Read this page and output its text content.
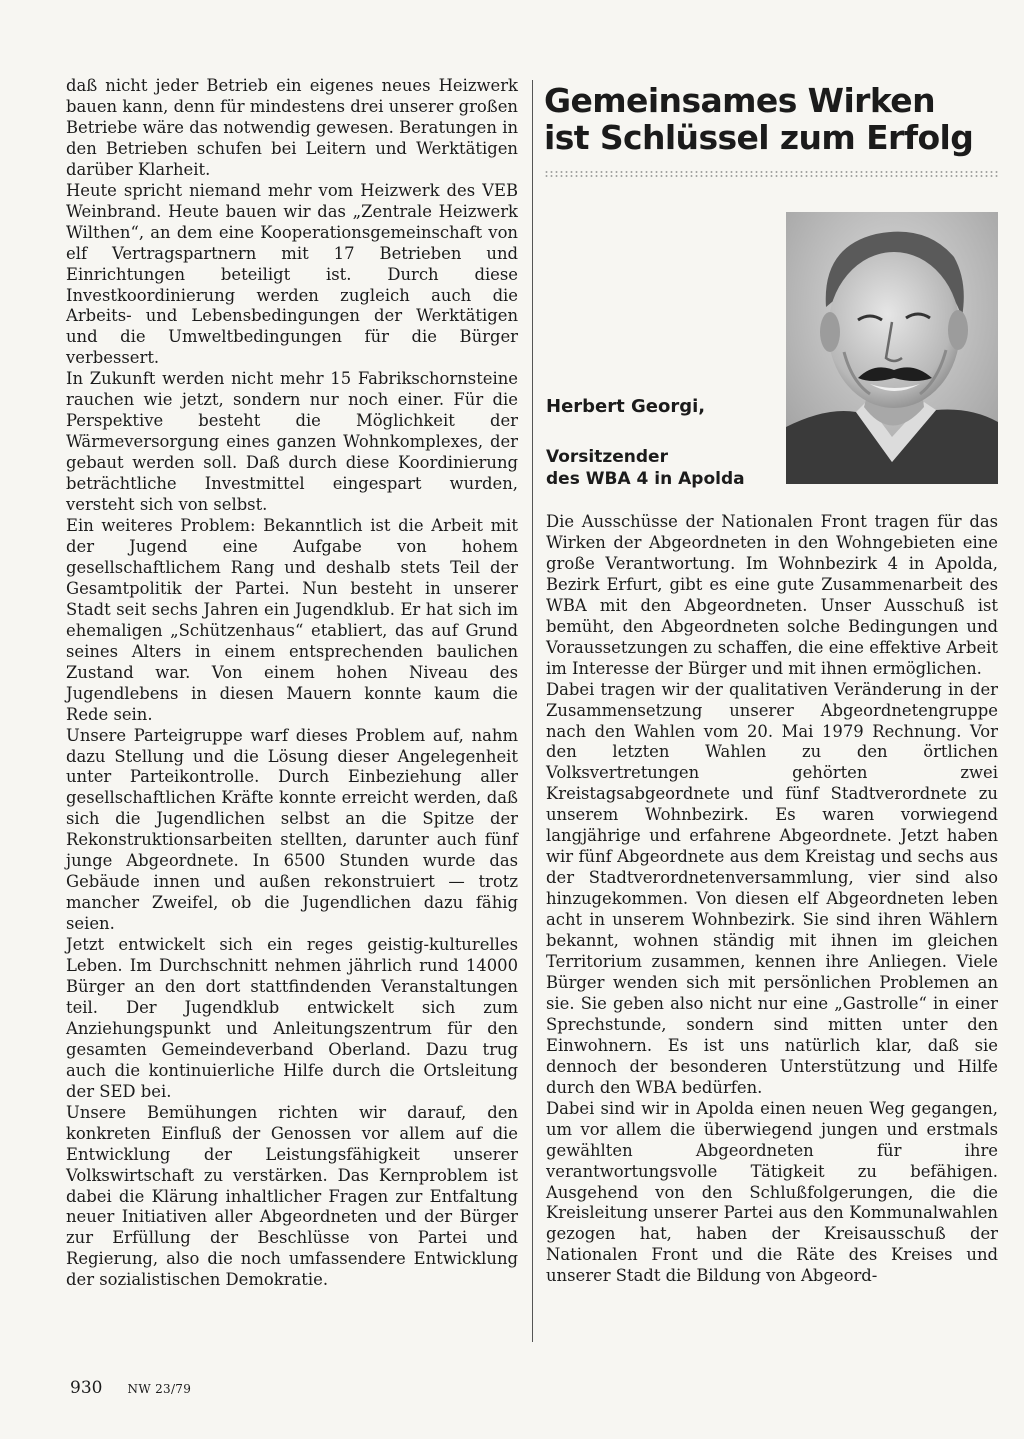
daß nicht jeder Betrieb ein eigenes neues Heizwerk bauen kann, denn für mindestens drei unserer großen Betriebe wäre das notwendig gewesen. Beratungen in den Betrieben schufen bei Leitern und Werktätigen darüber Klarheit.

Heute spricht niemand mehr vom Heizwerk des VEB Weinbrand. Heute bauen wir das „Zentrale Heizwerk Wilthen“, an dem eine Kooperationsgemeinschaft von elf Vertragspartnern mit 17 Betrieben und Einrichtungen beteiligt ist. Durch diese Investkoordinierung werden zugleich auch die Arbeits- und Lebensbedingungen der Werktätigen und die Umweltbedingungen für die Bürger verbessert.

In Zukunft werden nicht mehr 15 Fabrikschornsteine rauchen wie jetzt, sondern nur noch einer. Für die Perspektive besteht die Möglichkeit der Wärmeversorgung eines ganzen Wohnkomplexes, der gebaut werden soll. Daß durch diese Koordinierung beträchtliche Investmittel eingespart wurden, versteht sich von selbst.

Ein weiteres Problem: Bekanntlich ist die Arbeit mit der Jugend eine Aufgabe von hohem gesellschaftlichem Rang und deshalb stets Teil der Gesamtpolitik der Partei. Nun besteht in unserer Stadt seit sechs Jahren ein Jugendklub. Er hat sich im ehemaligen „Schützenhaus“ etabliert, das auf Grund seines Alters in einem entsprechenden baulichen Zustand war. Von einem hohen Niveau des Jugendlebens in diesen Mauern konnte kaum die Rede sein.

Unsere Parteigruppe warf dieses Problem auf, nahm dazu Stellung und die Lösung dieser Angelegenheit unter Parteikontrolle. Durch Einbeziehung aller gesellschaftlichen Kräfte konnte erreicht werden, daß sich die Jugendlichen selbst an die Spitze der Rekonstruktionsarbeiten stellten, darunter auch fünf junge Abgeordnete. In 6500 Stunden wurde das Gebäude innen und außen rekonstruiert — trotz mancher Zweifel, ob die Jugendlichen dazu fähig seien.

Jetzt entwickelt sich ein reges geistig-kulturelles Leben. Im Durchschnitt nehmen jährlich rund 14000 Bürger an den dort stattfindenden Veranstaltungen teil. Der Jugendklub entwickelt sich zum Anziehungspunkt und Anleitungszentrum für den gesamten Gemeindeverband Oberland. Dazu trug auch die kontinuierliche Hilfe durch die Ortsleitung der SED bei.

Unsere Bemühungen richten wir darauf, den konkreten Einfluß der Genossen vor allem auf die Entwicklung der Leistungsfähigkeit unserer Volkswirtschaft zu verstärken. Das Kernproblem ist dabei die Klärung inhaltlicher Fragen zur Entfaltung neuer Initiativen aller Abgeordneten und der Bürger zur Erfüllung der Beschlüsse von Partei und Regierung, also die noch umfassendere Entwicklung der sozialistischen Demokratie.

Gemeinsames Wirken ist Schlüssel zum Erfolg
Herbert Georgi,
Vorsitzender
des WBA 4 in Apolda

Die Ausschüsse der Nationalen Front tragen für das Wirken der Abgeordneten in den Wohngebieten eine große Verantwortung. Im Wohnbezirk 4 in Apolda, Bezirk Erfurt, gibt es eine gute Zusammenarbeit des WBA mit den Abgeordneten. Unser Ausschuß ist bemüht, den Abgeordneten solche Bedingungen und Voraussetzungen zu schaffen, die eine effektive Arbeit im Interesse der Bürger und mit ihnen ermöglichen.

Dabei tragen wir der qualitativen Veränderung in der Zusammensetzung unserer Abgeordnetengruppe nach den Wahlen vom 20. Mai 1979 Rechnung. Vor den letzten Wahlen zu den örtlichen Volksvertretungen gehörten zwei Kreistagsabgeordnete und fünf Stadtverordnete zu unserem Wohnbezirk. Es waren vorwiegend langjährige und erfahrene Abgeordnete. Jetzt haben wir fünf Abgeordnete aus dem Kreistag und sechs aus der Stadtverordnetenversammlung, vier sind also hinzugekommen. Von diesen elf Abgeordneten leben acht in unserem Wohnbezirk. Sie sind ihren Wählern bekannt, wohnen ständig mit ihnen im gleichen Territorium zusammen, kennen ihre Anliegen. Viele Bürger wenden sich mit persönlichen Problemen an sie. Sie geben also nicht nur eine „Gastrolle“ in einer Sprechstunde, sondern sind mitten unter den Einwohnern. Es ist uns natürlich klar, daß sie dennoch der besonderen Unterstützung und Hilfe durch den WBA bedürfen.

Dabei sind wir in Apolda einen neuen Weg gegangen, um vor allem die überwiegend jungen und erstmals gewählten Abgeordneten für ihre verantwortungsvolle Tätigkeit zu befähigen. Ausgehend von den Schlußfolgerungen, die die Kreisleitung unserer Partei aus den Kommunalwahlen gezogen hat, haben der Kreisausschuß der Nationalen Front und die Räte des Kreises und unserer Stadt die Bildung von Abgeord-

930 NW 23/79
